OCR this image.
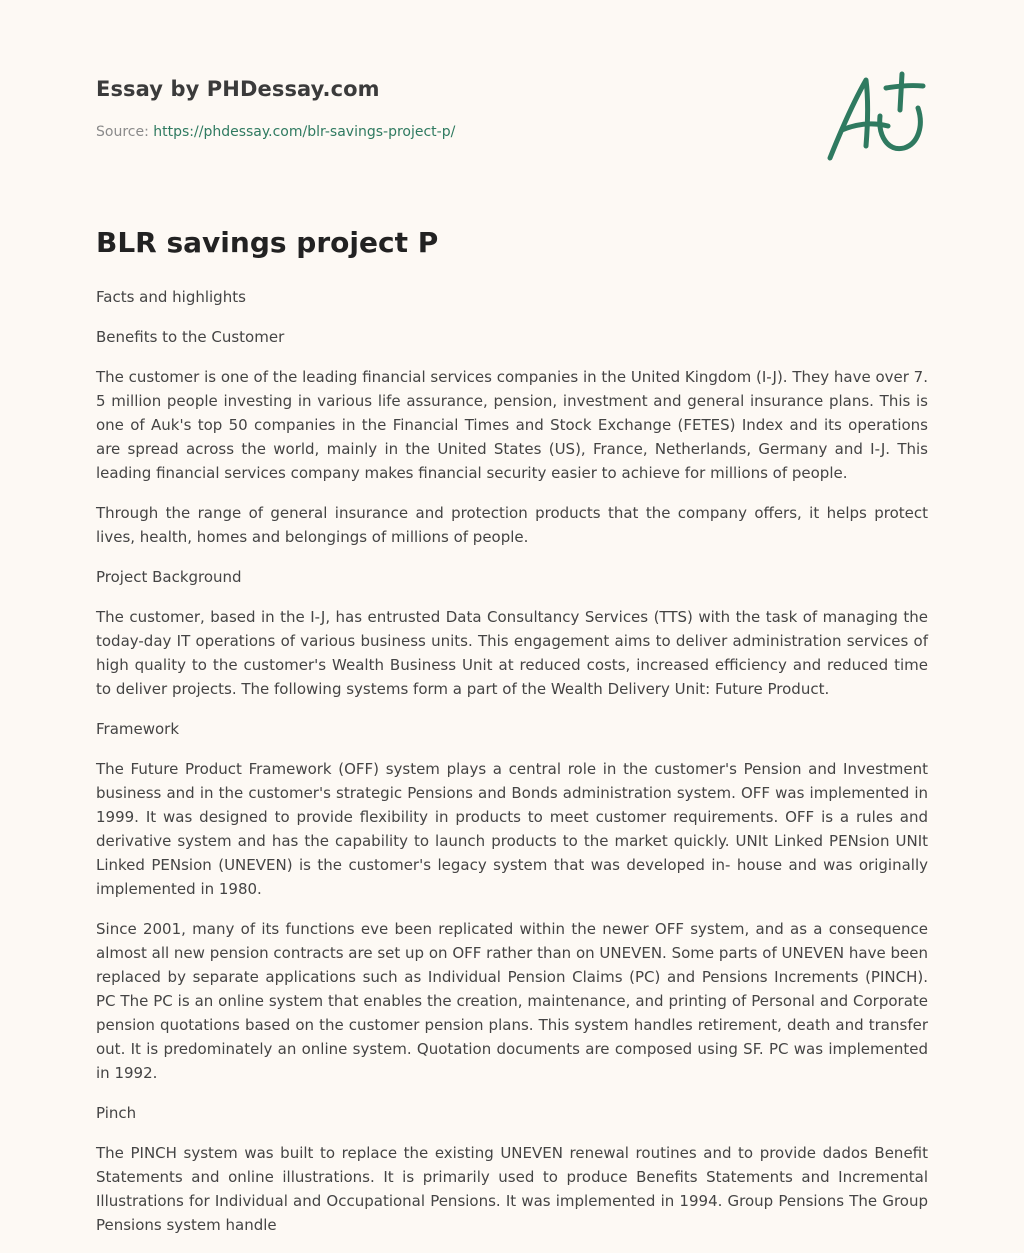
Essay by PHDessay.com
Source: https://phdessay.com/blr-savings-project-p/
BLR savings project P

Facts and highlights

Benefits to the Customer

The customer is one of the leading financial services companies in the United Kingdom (I-J). They have over 7. 5 million people investing in various life assurance, pension, investment and general insurance plans. This is one of Auk's top 50 companies in the Financial Times and Stock Exchange (FETES) Index and its operations are spread across the world, mainly in the United States (US), France, Netherlands, Germany and I-J. This leading financial services company makes financial security easier to achieve for millions of people.

Through the range of general insurance and protection products that the company offers, it helps protect lives, health, homes and belongings of millions of people.

Project Background

The customer, based in the I-J, has entrusted Data Consultancy Services (TTS) with the task of managing the today-day IT operations of various business units. This engagement aims to deliver administration services of high quality to the customer's Wealth Business Unit at reduced costs, increased efficiency and reduced time to deliver projects. The following systems form a part of the Wealth Delivery Unit: Future Product.

Framework

The Future Product Framework (OFF) system plays a central role in the customer's Pension and Investment business and in the customer's strategic Pensions and Bonds administration system. OFF was implemented in 1999. It was designed to provide flexibility in products to meet customer requirements. OFF is a rules and derivative system and has the capability to launch products to the market quickly. UNIt Linked PENsion UNIt Linked PENsion (UNEVEN) is the customer's legacy system that was developed in- house and was originally implemented in 1980.

Since 2001, many of its functions eve been replicated within the newer OFF system, and as a consequence almost all new pension contracts are set up on OFF rather than on UNEVEN. Some parts of UNEVEN have been replaced by separate applications such as Individual Pension Claims (PC) and Pensions Increments (PINCH). PC The PC is an online system that enables the creation, maintenance, and printing of Personal and Corporate pension quotations based on the customer pension plans. This system handles retirement, death and transfer out. It is predominately an online system. Quotation documents are composed using SF. PC was implemented in 1992.

Pinch

The PINCH system was built to replace the existing UNEVEN renewal routines and to provide dados Benefit Statements and online illustrations. It is primarily used to produce Benefits Statements and Incremental Illustrations for Individual and Occupational Pensions. It was implemented in 1994. Group Pensions The Group Pensions system handle
